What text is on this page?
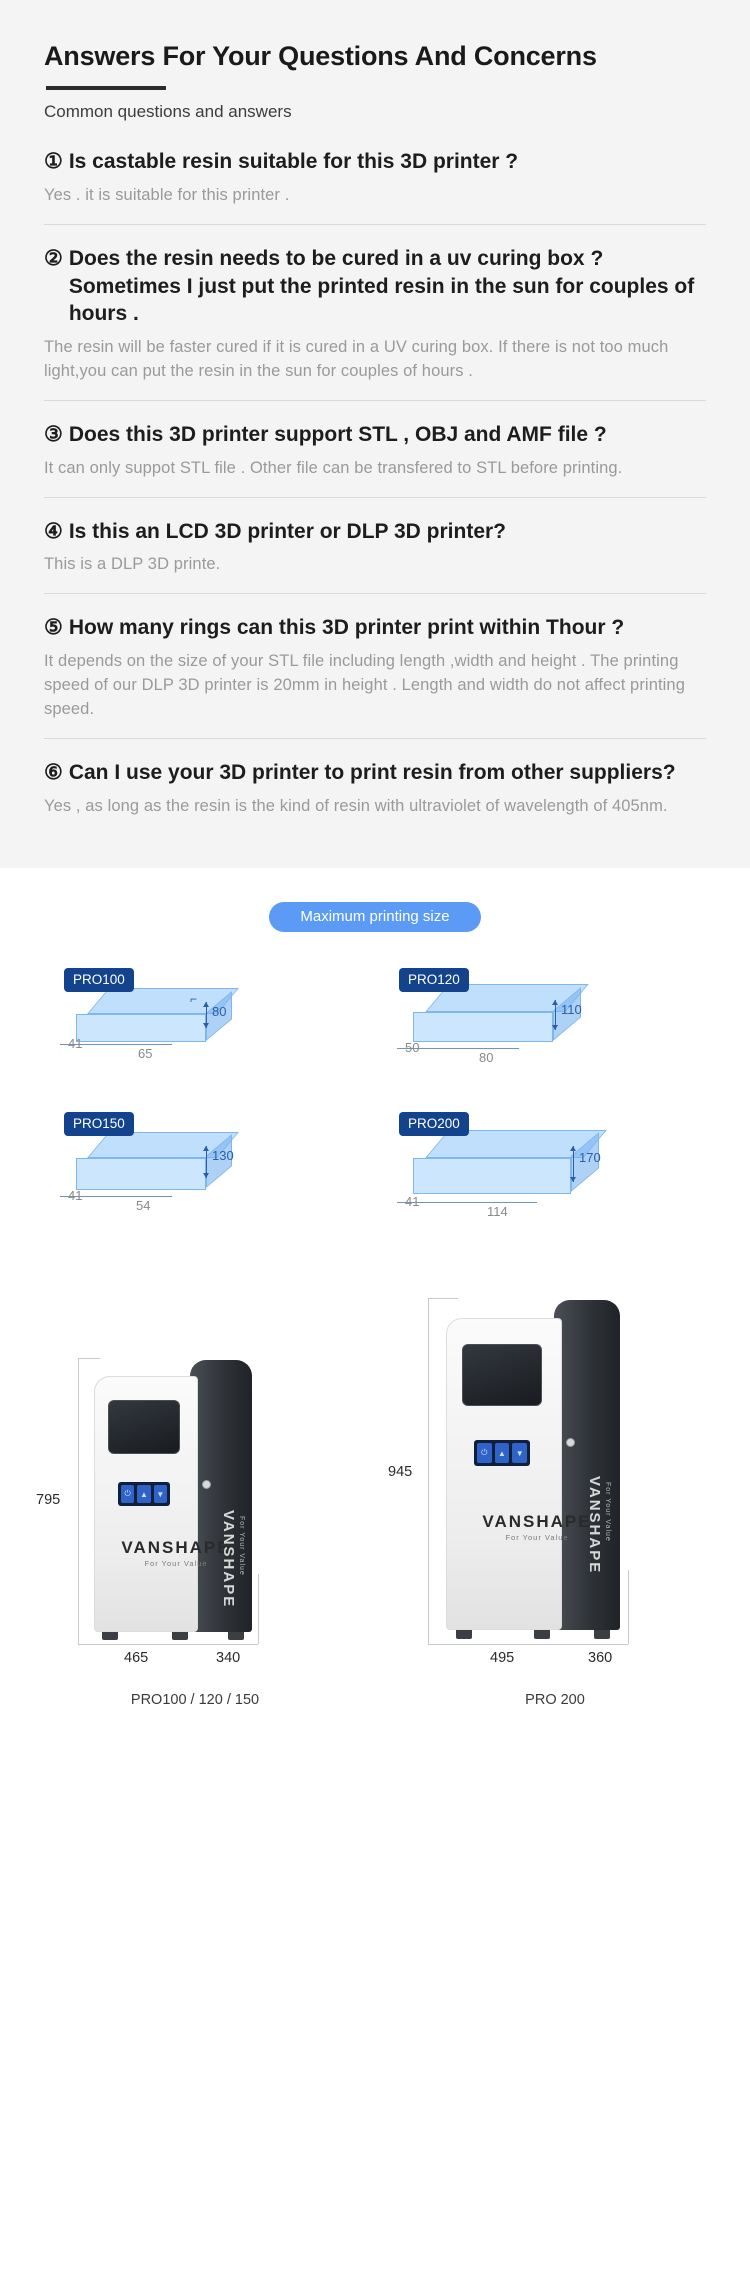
Answers For Your Questions And Concerns
Common questions and answers
① Is castable resin suitable for this 3D printer ?
Yes . it is suitable for this printer .
② Does the resin needs to be cured in a uv curing box ?Sometimes I just put the printed resin in the sun for couples of hours .
The resin will be faster cured if it is cured in a UV curing box. If there is not too much light,you can put the resin in the sun for couples of hours .
③ Does this 3D printer support STL , OBJ and AMF file ?
It can only suppot STL file . Other file can be transfered to STL before printing.
④ Is this an LCD 3D printer or DLP 3D printer?
This is a DLP 3D printe.
⑤ How many rings can this 3D printer print within Thour ?
It depends on the size of your STL file including length ,width and height . The printing speed of our DLP 3D printer is 20mm in height . Length and width do not affect printing speed.
⑥ Can I use your 3D printer to print resin from other suppliers?
Yes , as long as the resin is the kind of resin with ultraviolet of wavelength of 405nm.
Maximum printing size
PRO100
⌐
80
65
41
PRO120
110
80
50
PRO150
130
54
41
PRO200
170
114
41
795
465	340
⏻	▲	▼
VANSHAPE
For Your Value VANSHAPE For Your Value
PRO100 / 120 / 150
945
495	360
⏻	▲	▼
VANSHAPE
For Your Value	VANSHAPE For Your Value
PRO 200
